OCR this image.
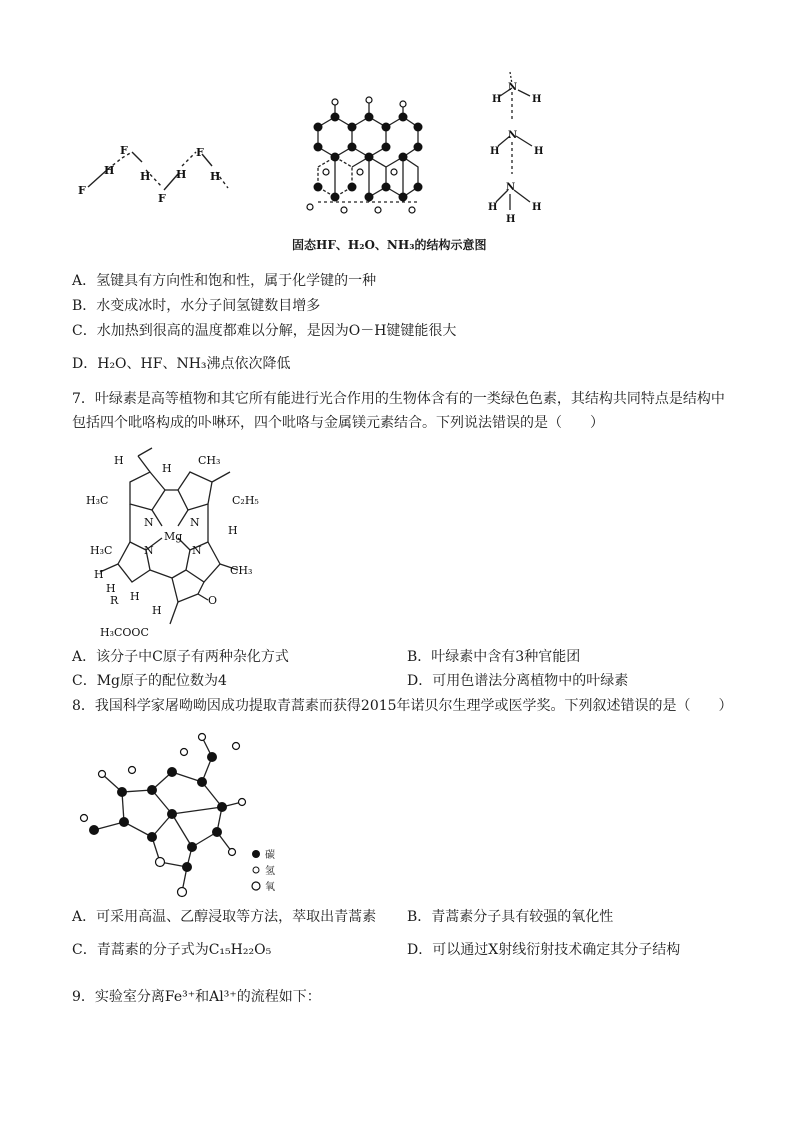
F
H
F
H
F
H
F
H
H
N
H
H
N
H
H
N
H
H
固态HF、H₂O、NH₃的结构示意图
A．氢键具有方向性和饱和性，属于化学键的一种
B．水变成冰时，水分子间氢键数目增多
C．水加热到很高的温度都难以分解，是因为O－H键键能很大
D．H₂O、HF、NH₃沸点依次降低
7．叶绿素是高等植物和其它所有能进行光合作用的生物体含有的一类绿色色素，其结构共同特点是结构中
包括四个吡咯构成的卟啉环，四个吡咯与金属镁元素结合。下列说法错误的是（　　）
H
H
CH₃
H₃C	C₂H₅
N	N
Mg
N	N
H₃C
H
H
CH₃
H
R H
H
O
H₃COOC
A．该分子中C原子有两种杂化方式	B．叶绿素中含有3种官能团
C．Mg原子的配位数为4	D．可用色谱法分离植物中的叶绿素
8．我国科学家屠呦呦因成功提取青蒿素而获得2015年诺贝尔生理学或医学奖。下列叙述错误的是（　　）
碳
氢
氧
A．可采用高温、乙醇浸取等方法，萃取出青蒿素 B．青蒿素分子具有较强的氧化性
C．青蒿素的分子式为C₁₅H₂₂O₅	D．可以通过X射线衍射技术确定其分子结构
9．实验室分离Fe³⁺和Al³⁺的流程如下：
